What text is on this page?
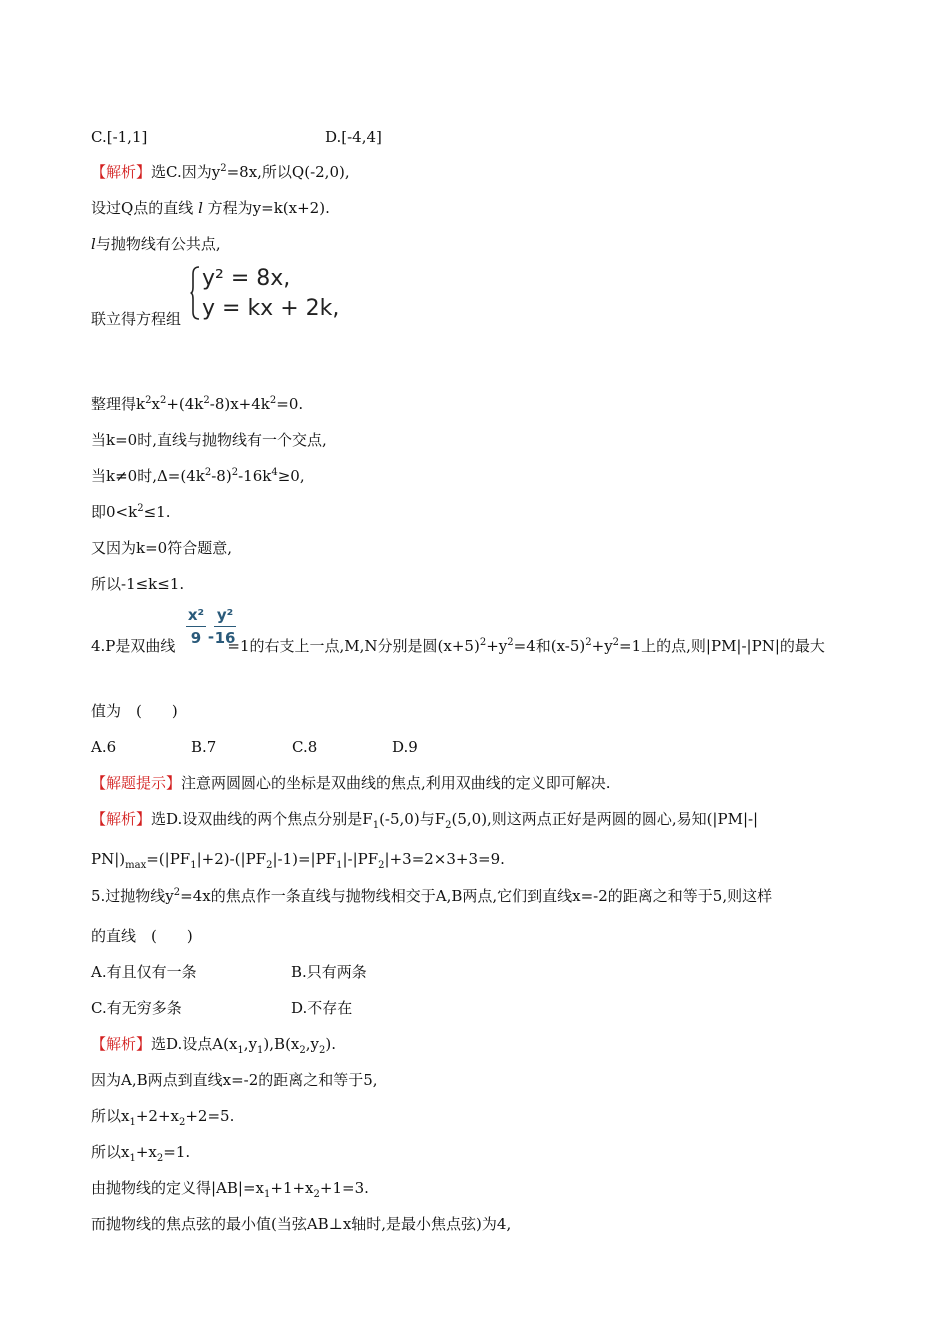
C.[-1,1]	D.[-4,4]
【解析】选C.因为$y^2=8x$,所以Q(-2,0),
设过Q点的直线 l 方程为y=k(x+2).
l与抛物线有公共点,
联立得方程组
y² = 8x,
y = kx + 2k,
整理得$k^2x^2+(4k^2-8)x+4k^2=0$.
当k=0时,直线与抛物线有一个交点,
当k≠0时$,\Delta=(4k^2-8)^2-16k^4\ge 0$,
即$0<k^2\le 1$.
又因为k=0符合题意,
所以-1≤k≤1.
x²
9 -
y²
16
4.P是双曲线	=1的右支上一点,M,N分别是圆$(x+5)^2+y^2=4$和$(x-5)^2+y^2=1$上的点,则|PM|-|PN|的最大
值为　(　　)
A.6	B.7	C.8	D.9
【解题提示】注意两圆圆心的坐标是双曲线的焦点,利用双曲线的定义即可解决.
【解析】选D.设双曲线的两个焦点分别是$F_1(-5,0)$与$F_2(5,0)$,则这两点正好是两圆的圆心,易知(|PM|-|
$PN|)_{max}=(|PF_1|+2)-(|PF_2|-1)=|PF_1|-|PF_2|+3=2\times 3+3=9$.
5.过抛物线$y^2=4x$的焦点作一条直线与抛物线相交于A,B两点,它们到直线x=-2的距离之和等于5,则这样
的直线　(　　)
A.有且仅有一条	B.只有两条
C.有无穷多条	D.不存在
【解析】选D.设点$A(x_1,y_1),B(x_2,y_2)$.
因为A,B两点到直线x=-2的距离之和等于5,
所以$x_1+2+x_2+2=5$.
所以$x_1+x_2=1$.
由抛物线的定义得$|AB|=x_1+1+x_2+1=3$.
而抛物线的焦点弦的最小值(当弦AB⊥x轴时,是最小焦点弦)为4,
